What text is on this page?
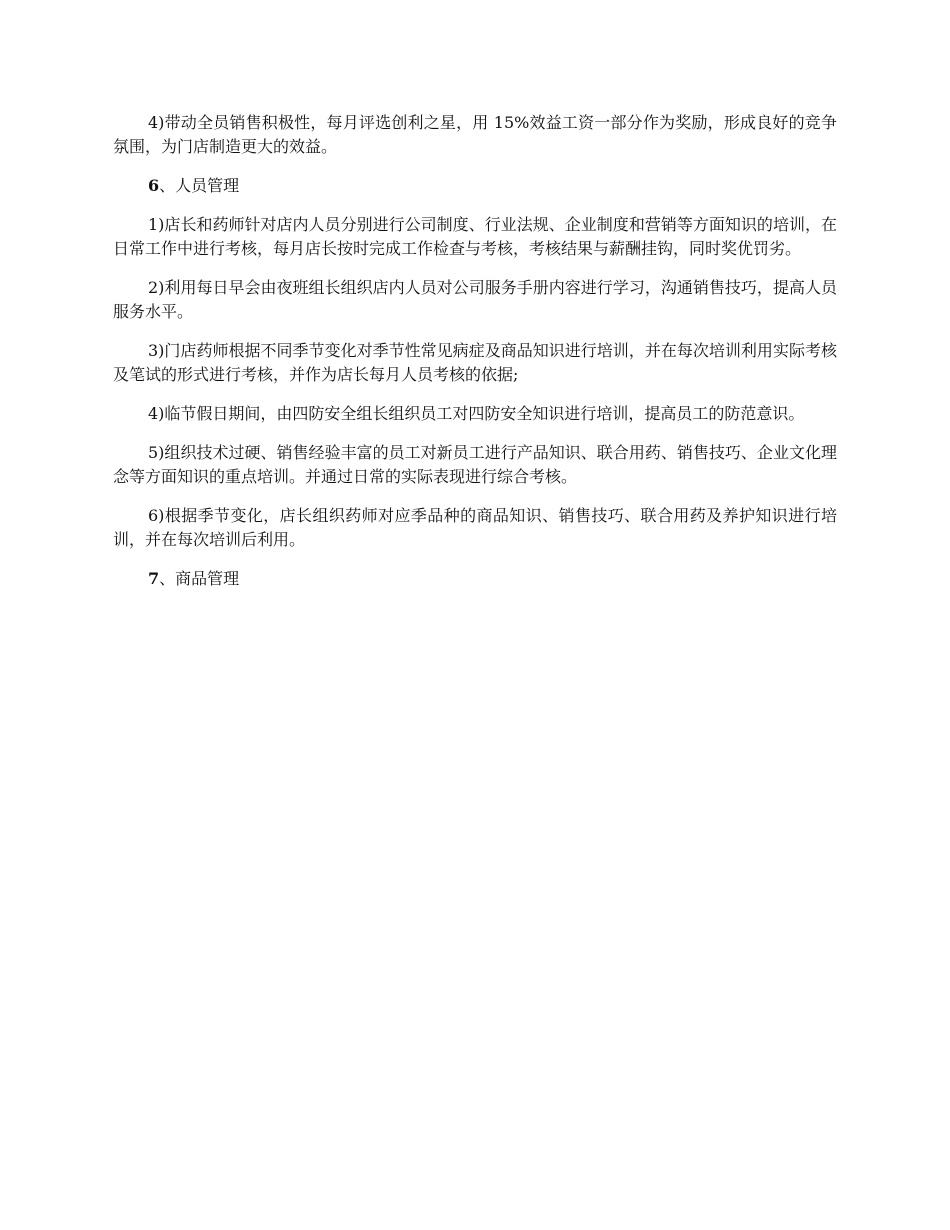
4)带动全员销售积极性，每月评选创利之星，用 15%效益工资一部分作为奖励，形成良好的竞争氛围，为门店制造更大的效益。

6、人员管理

1)店长和药师针对店内人员分别进行公司制度、行业法规、企业制度和营销等方面知识的培训，在日常工作中进行考核，每月店长按时完成工作检查与考核，考核结果与薪酬挂钩，同时奖优罚劣。

2)利用每日早会由夜班组长组织店内人员对公司服务手册内容进行学习，沟通销售技巧，提高人员服务水平。

3)门店药师根据不同季节变化对季节性常见病症及商品知识进行培训，并在每次培训利用实际考核及笔试的形式进行考核，并作为店长每月人员考核的依据;

4)临节假日期间，由四防安全组长组织员工对四防安全知识进行培训，提高员工的防范意识。

5)组织技术过硬、销售经验丰富的员工对新员工进行产品知识、联合用药、销售技巧、企业文化理念等方面知识的重点培训。并通过日常的实际表现进行综合考核。

6)根据季节变化，店长组织药师对应季品种的商品知识、销售技巧、联合用药及养护知识进行培训，并在每次培训后利用。

7、商品管理
